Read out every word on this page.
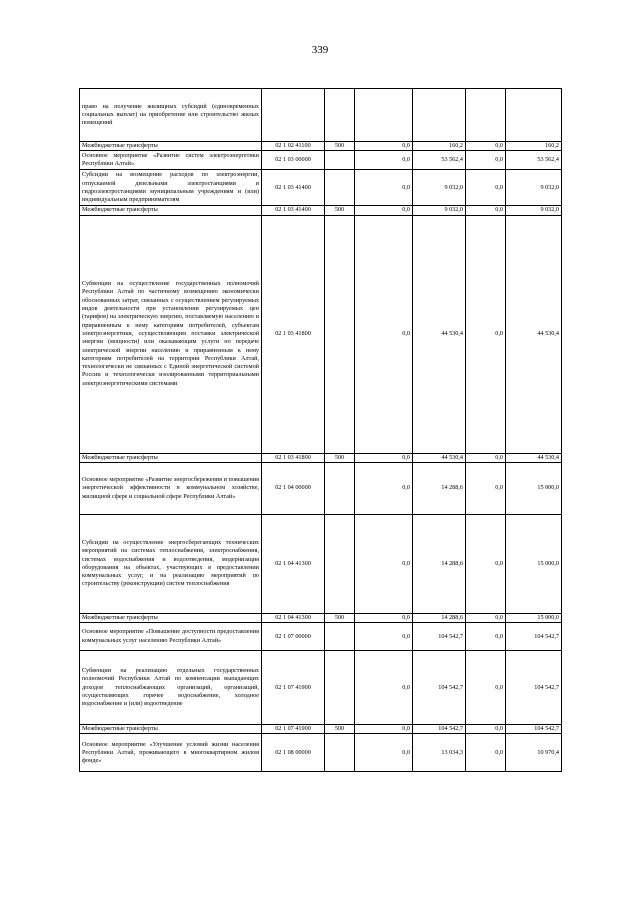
339
право на получение жилищных субсидий (единовременных социальных выплат) на приобретение или строительство жилых помещений						
Межбюджетные трансферты	02 1 02 41100	500	0,0	160,2	0,0	160,2
Основное мероприятие «Развитие систем электроэнергетики Республики Алтай»	02 1 03 00000		0,0	53 562,4	0,0	53 562,4
Субсидии на возмещение расходов по электроэнергии, отпускаемой дизельными электростанциями и гидроэлектростанциями муниципальным учреждениям и (или) индивидуальным предпринимателям	02 1 03 41400		0,0	9 032,0	0,0	9 032,0
Межбюджетные трансферты	02 1 03 41400	500	0,0	9 032,0	0,0	9 032,0
Субвенции на осуществление государственных полномочий Республики Алтай по частичному возмещению экономически обоснованных затрат, связанных с осуществлением регулируемых видов деятельности при установлении регулируемых цен (тарифов) на электрическую энергию, поставляемую населению и приравненным к нему категориям потребителей, субъектам электроэнергетики, осуществляющим поставки электрической энергии (мощности) или оказывающим услуги по передаче электрической энергии населению и приравненным к нему категориям потребителей на территории Республики Алтай, технологически не связанных с Единой энергетической системой России и технологически изолированными территориальными электроэнергетическими системами	02 1 03 41800		0,0	44 530,4	0,0	44 530,4
Межбюджетные трансферты	02 1 03 41800	500	0,0	44 530,4	0,0	44 530,4
Основное мероприятие «Развитие энергосбережения и повышения энергетической эффективности в коммунальном хозяйстве, жилищной сфере и социальной сфере Республики Алтай»	02 1 04 00000		0,0	14 288,6	0,0	15 000,0
Субсидии на осуществление энергосберегающих технических мероприятий на системах теплоснабжения, электроснабжения, системах водоснабжения и водоотведения, модернизация оборудования на объектах, участвующих в предоставлении коммунальных услуг, и на реализацию мероприятий по строительству (реконструкции) систем теплоснабжения	02 1 04 41300		0,0	14 288,6	0,0	15 000,0
Межбюджетные трансферты	02 1 04 41300	500	0,0	14 288,6	0,0	15 000,0
Основное мероприятие «Повышение доступности предоставления коммунальных услуг населению Республики Алтай»	02 1 07 00000		0,0	104 542,7	0,0	104 542,7
Субвенции на реализацию отдельных государственных полномочий Республики Алтай по компенсации выпадающих доходов теплоснабжающих организаций, организаций, осуществляющих горячее водоснабжение, холодное водоснабжение и (или) водоотведение	02 1 07 41900		0,0	104 542,7	0,0	104 542,7
Межбюджетные трансферты	02 1 07 41900	500	0,0	104 542,7	0,0	104 542,7
Основное мероприятие «Улучшение условий жизни населения Республики Алтай, проживающего в многоквартирном жилом фонде»	02 1 08 00000		0,0	13 034,3	0,0	10 970,4
